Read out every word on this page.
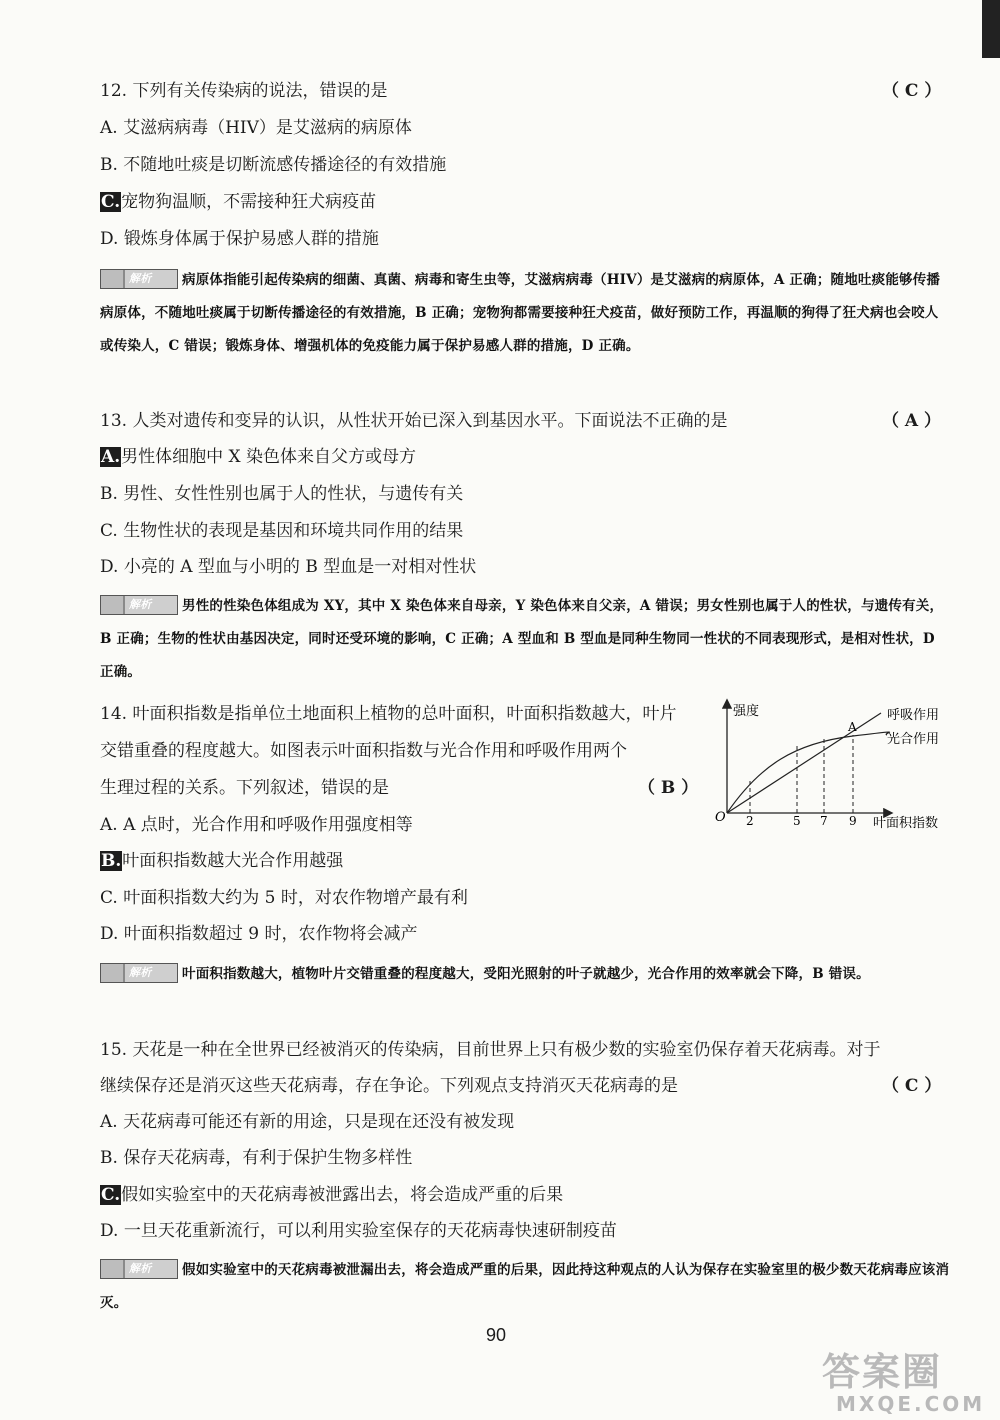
12. 下列有关传染病的说法，错误的是	（ C ）
A. 艾滋病病毒（HIV）是艾滋病的病原体
B. 不随地吐痰是切断流感传播途径的有效措施
C.宠物狗温顺，不需接种狂犬病疫苗
D. 锻炼身体属于保护易感人群的措施
解析 病原体指能引起传染病的细菌、真菌、病毒和寄生虫等，艾滋病病毒（HIV）是艾滋病的病原体，A 正确；随地吐痰能够传播病原体，不随地吐痰属于切断传播途径的有效措施，B 正确；宠物狗都需要接种狂犬疫苗，做好预防工作，再温顺的狗得了狂犬病也会咬人或传染人，C 错误；锻炼身体、增强机体的免疫能力属于保护易感人群的措施，D 正确。
13. 人类对遗传和变异的认识，从性状开始已深入到基因水平。下面说法不正确的是	（ A ）
A.男性体细胞中 X 染色体来自父方或母方
B. 男性、女性性别也属于人的性状，与遗传有关
C. 生物性状的表现是基因和环境共同作用的结果
D. 小亮的 A 型血与小明的 B 型血是一对相对性状
解析 男性的性染色体组成为 XY，其中 X 染色体来自母亲，Y 染色体来自父亲，A 错误；男女性别也属于人的性状，与遗传有关，B 正确；生物的性状由基因决定，同时还受环境的影响，C 正确；A 型血和 B 型血是同种生物同一性状的不同表现形式，是相对性状，D 正确。
14. 叶面积指数是指单位土地面积上植物的总叶面积，叶面积指数越大，叶片
交错重叠的程度越大。如图表示叶面积指数与光合作用和呼吸作用两个
生理过程的关系。下列叙述，错误的是	（ B ）
A. A 点时，光合作用和呼吸作用强度相等
B.叶面积指数越大光合作用越强
C. 叶面积指数大约为 5 时，对农作物增产最有利
D. 叶面积指数超过 9 时，农作物将会减产
强度
O	叶面积指数
2	5 7 9
A
呼吸作用
光合作用
解析 叶面积指数越大，植物叶片交错重叠的程度越大，受阳光照射的叶子就越少，光合作用的效率就会下降，B 错误。
15. 天花是一种在全世界已经被消灭的传染病，目前世界上只有极少数的实验室仍保存着天花病毒。对于
继续保存还是消灭这些天花病毒，存在争论。下列观点支持消灭天花病毒的是	（ C ）
A. 天花病毒可能还有新的用途，只是现在还没有被发现
B. 保存天花病毒，有利于保护生物多样性
C.假如实验室中的天花病毒被泄露出去，将会造成严重的后果
D. 一旦天花重新流行，可以利用实验室保存的天花病毒快速研制疫苗
解析 假如实验室中的天花病毒被泄漏出去，将会造成严重的后果，因此持这种观点的人认为保存在实验室里的极少数天花病毒应该消灭。
90
答案圈
MXQE.COM
